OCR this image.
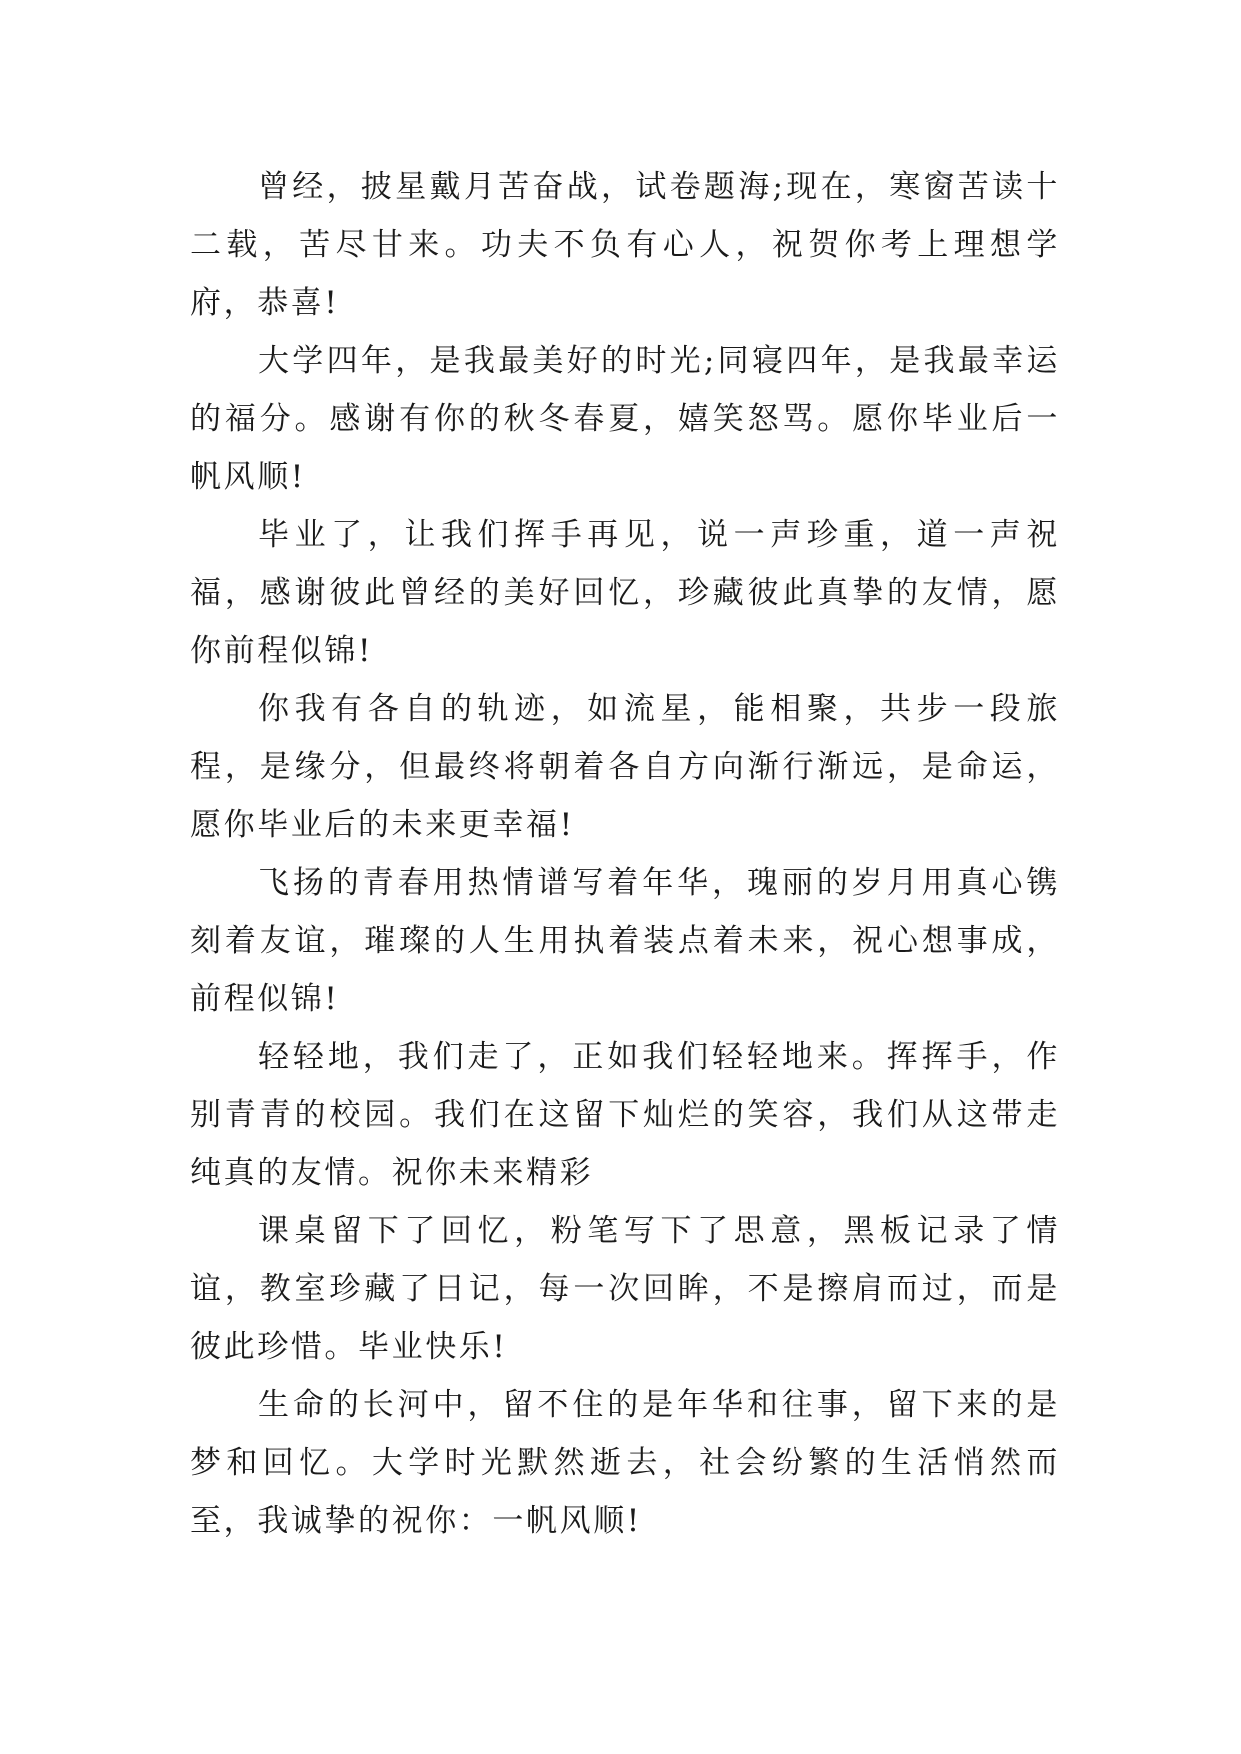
曾经，披星戴月苦奋战，试卷题海;现在，寒窗苦读十二载，苦尽甘来。功夫不负有心人，祝贺你考上理想学府，恭喜!

大学四年，是我最美好的时光;同寝四年，是我最幸运的福分。感谢有你的秋冬春夏，嬉笑怒骂。愿你毕业后一帆风顺!

毕业了，让我们挥手再见，说一声珍重，道一声祝福，感谢彼此曾经的美好回忆，珍藏彼此真挚的友情，愿你前程似锦!

你我有各自的轨迹，如流星，能相聚，共步一段旅程，是缘分，但最终将朝着各自方向渐行渐远，是命运，愿你毕业后的未来更幸福!

飞扬的青春用热情谱写着年华，瑰丽的岁月用真心镌刻着友谊，璀璨的人生用执着装点着未来，祝心想事成，前程似锦!

轻轻地，我们走了，正如我们轻轻地来。挥挥手，作别青青的校园。我们在这留下灿烂的笑容，我们从这带走纯真的友情。祝你未来精彩

课桌留下了回忆，粉笔写下了思意，黑板记录了情谊，教室珍藏了日记，每一次回眸，不是擦肩而过，而是彼此珍惜。毕业快乐!

生命的长河中，留不住的是年华和往事，留下来的是梦和回忆。大学时光默然逝去，社会纷繁的生活悄然而至，我诚挚的祝你：一帆风顺!
